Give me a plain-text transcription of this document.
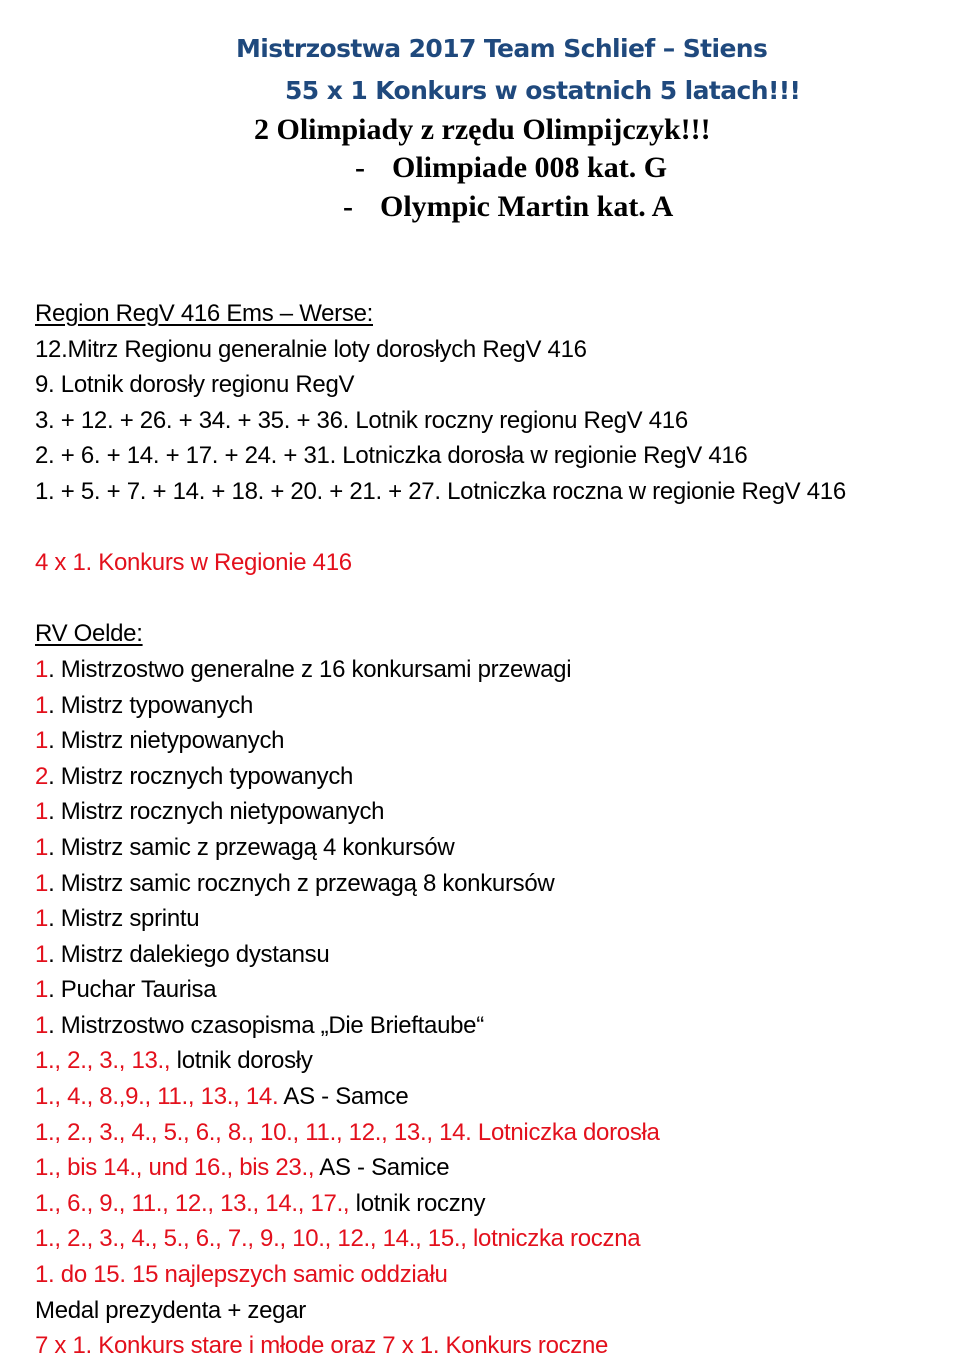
Mistrzostwa 2017 Team Schlief – Stiens
55 x 1 Konkurs w ostatnich 5 latach!!!
2 Olimpiady z rzędu Olimpijczyk!!!
- Olimpiade 008 kat. G
- Olympic Martin kat. A
Region RegV 416 Ems – Werse:
12.Mitrz Regionu generalnie loty dorosłych RegV 416
9. Lotnik dorosły regionu RegV
3. + 12. + 26. + 34. + 35. + 36. Lotnik roczny regionu RegV 416
2. + 6. + 14. + 17. + 24. + 31. Lotniczka dorosła w regionie RegV 416
1. + 5. + 7. + 14. + 18. + 20. + 21. + 27. Lotniczka roczna w regionie RegV 416
4 x 1. Konkurs w Regionie 416
RV Oelde:
1. Mistrzostwo generalne z 16 konkursami przewagi
1. Mistrz typowanych
1. Mistrz nietypowanych
2. Mistrz rocznych typowanych
1. Mistrz rocznych nietypowanych
1. Mistrz samic z przewagą 4 konkursów
1. Mistrz samic rocznych z przewagą 8 konkursów
1. Mistrz sprintu
1. Mistrz dalekiego dystansu
1. Puchar Taurisa
1. Mistrzostwo czasopisma „Die Brieftaube“
1., 2., 3., 13., lotnik dorosły
1., 4., 8.,9., 11., 13., 14. AS - Samce
1., 2., 3., 4., 5., 6., 8., 10., 11., 12., 13., 14. Lotniczka dorosła
1., bis 14., und 16., bis 23., AS - Samice
1., 6., 9., 11., 12., 13., 14., 17., lotnik roczny
1., 2., 3., 4., 5., 6., 7., 9., 10., 12., 14., 15., lotniczka roczna
1. do 15. 15 najlepszych samic oddziału
Medal prezydenta + zegar
7 x 1. Konkurs stare i młode oraz 7 x 1. Konkurs roczne
